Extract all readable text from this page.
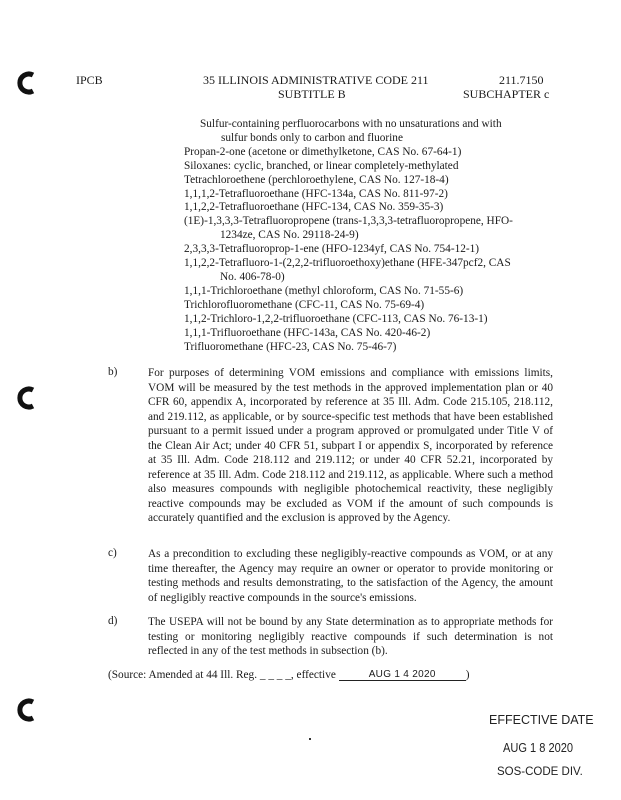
IPCB	35 ILLINOIS ADMINISTRATIVE CODE 211	211.7150
SUBTITLE B	SUBCHAPTER c
Sulfur-containing perfluorocarbons with no unsaturations and with
sulfur bonds only to carbon and fluorine
Propan-2-one (acetone or dimethylketone, CAS No. 67-64-1)
Siloxanes: cyclic, branched, or linear completely-methylated
Tetrachloroethene (perchloroethylene, CAS No. 127-18-4)
1,1,1,2-Tetrafluoroethane (HFC-134a, CAS No. 811-97-2)
1,1,2,2-Tetrafluoroethane (HFC-134, CAS No. 359-35-3)
(1E)-1,3,3,3-Tetrafluoropropene (trans-1,3,3,3-tetrafluoropropene, HFO-
1234ze, CAS No. 29118-24-9)
2,3,3,3-Tetrafluoroprop-1-ene (HFO-1234yf, CAS No. 754-12-1)
1,1,2,2-Tetrafluoro-1-(2,2,2-trifluoroethoxy)ethane (HFE-347pcf2, CAS
No. 406-78-0)
1,1,1-Trichloroethane (methyl chloroform, CAS No. 71-55-6)
Trichlorofluoromethane (CFC-11, CAS No. 75-69-4)
1,1,2-Trichloro-1,2,2-trifluoroethane (CFC-113, CAS No. 76-13-1)
1,1,1-Trifluoroethane (HFC-143a, CAS No. 420-46-2)
Trifluoromethane (HFC-23, CAS No. 75-46-7)
b)	For purposes of determining VOM emissions and compliance with emissions limits, VOM will be measured by the test methods in the approved implementation plan or 40 CFR 60, appendix A, incorporated by reference at 35 Ill. Adm. Code 215.105, 218.112, and 219.112, as applicable, or by source-specific test methods that have been established pursuant to a permit issued under a program approved or promulgated under Title V of the Clean Air Act; under 40 CFR 51, subpart I or appendix S, incorporated by reference at 35 Ill. Adm. Code 218.112 and 219.112; or under 40 CFR 52.21, incorporated by reference at 35 Ill. Adm. Code 218.112 and 219.112, as applicable. Where such a method also measures compounds with negligible photochemical reactivity, these negligibly reactive compounds may be excluded as VOM if the amount of such compounds is accurately quantified and the exclusion is approved by the Agency.
c)	As a precondition to excluding these negligibly-reactive compounds as VOM, or at any time thereafter, the Agency may require an owner or operator to provide monitoring or testing methods and results demonstrating, to the satisfaction of the Agency, the amount of negligibly reactive compounds in the source's emissions.
d)	The USEPA will not be bound by any State determination as to appropriate methods for testing or monitoring negligibly reactive compounds if such determination is not reflected in any of the test methods in subsection (b).
(Source: Amended at 44 Ill. Reg. _ _ _ _, effective	AUG 1 4 2020	)
EFFECTIVE DATE
AUG 1 8 2020
SOS-CODE DIV.
